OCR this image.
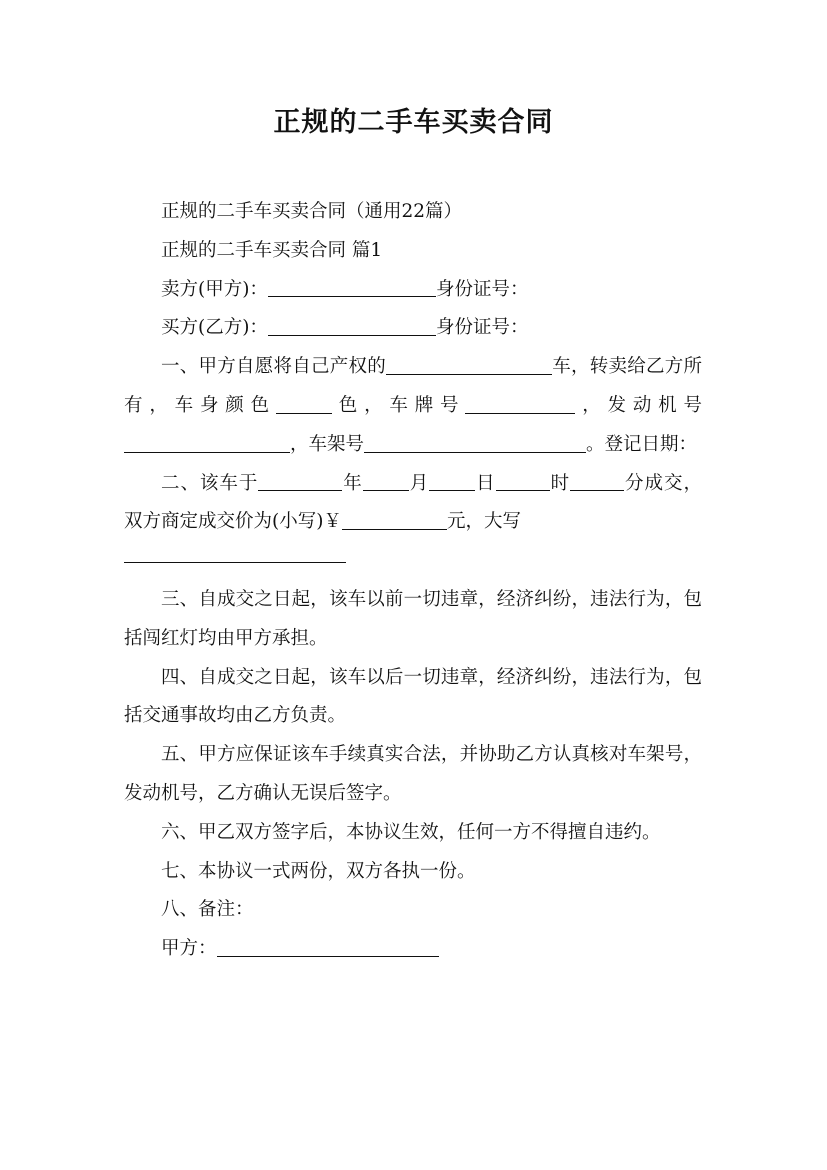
正规的二手车买卖合同

正规的二手车买卖合同（通用22篇）

正规的二手车买卖合同 篇1

卖方(甲方)：	身份证号：

买方(乙方)：	身份证号：

一、甲方自愿将自己产权的	车，转卖给乙方所有，车身颜色	色，车牌号	，发动机号，车架号	。登记日期：

二、该车于	年 月 日	时	分成交，双方商定成交价为(小写)￥	元，大写

三、自成交之日起，该车以前一切违章，经济纠纷，违法行为，包括闯红灯均由甲方承担。

四、自成交之日起，该车以后一切违章，经济纠纷，违法行为，包括交通事故均由乙方负责。

五、甲方应保证该车手续真实合法，并协助乙方认真核对车架号，发动机号，乙方确认无误后签字。

六、甲乙双方签字后，本协议生效，任何一方不得擅自违约。

七、本协议一式两份，双方各执一份。

八、备注：

甲方：
